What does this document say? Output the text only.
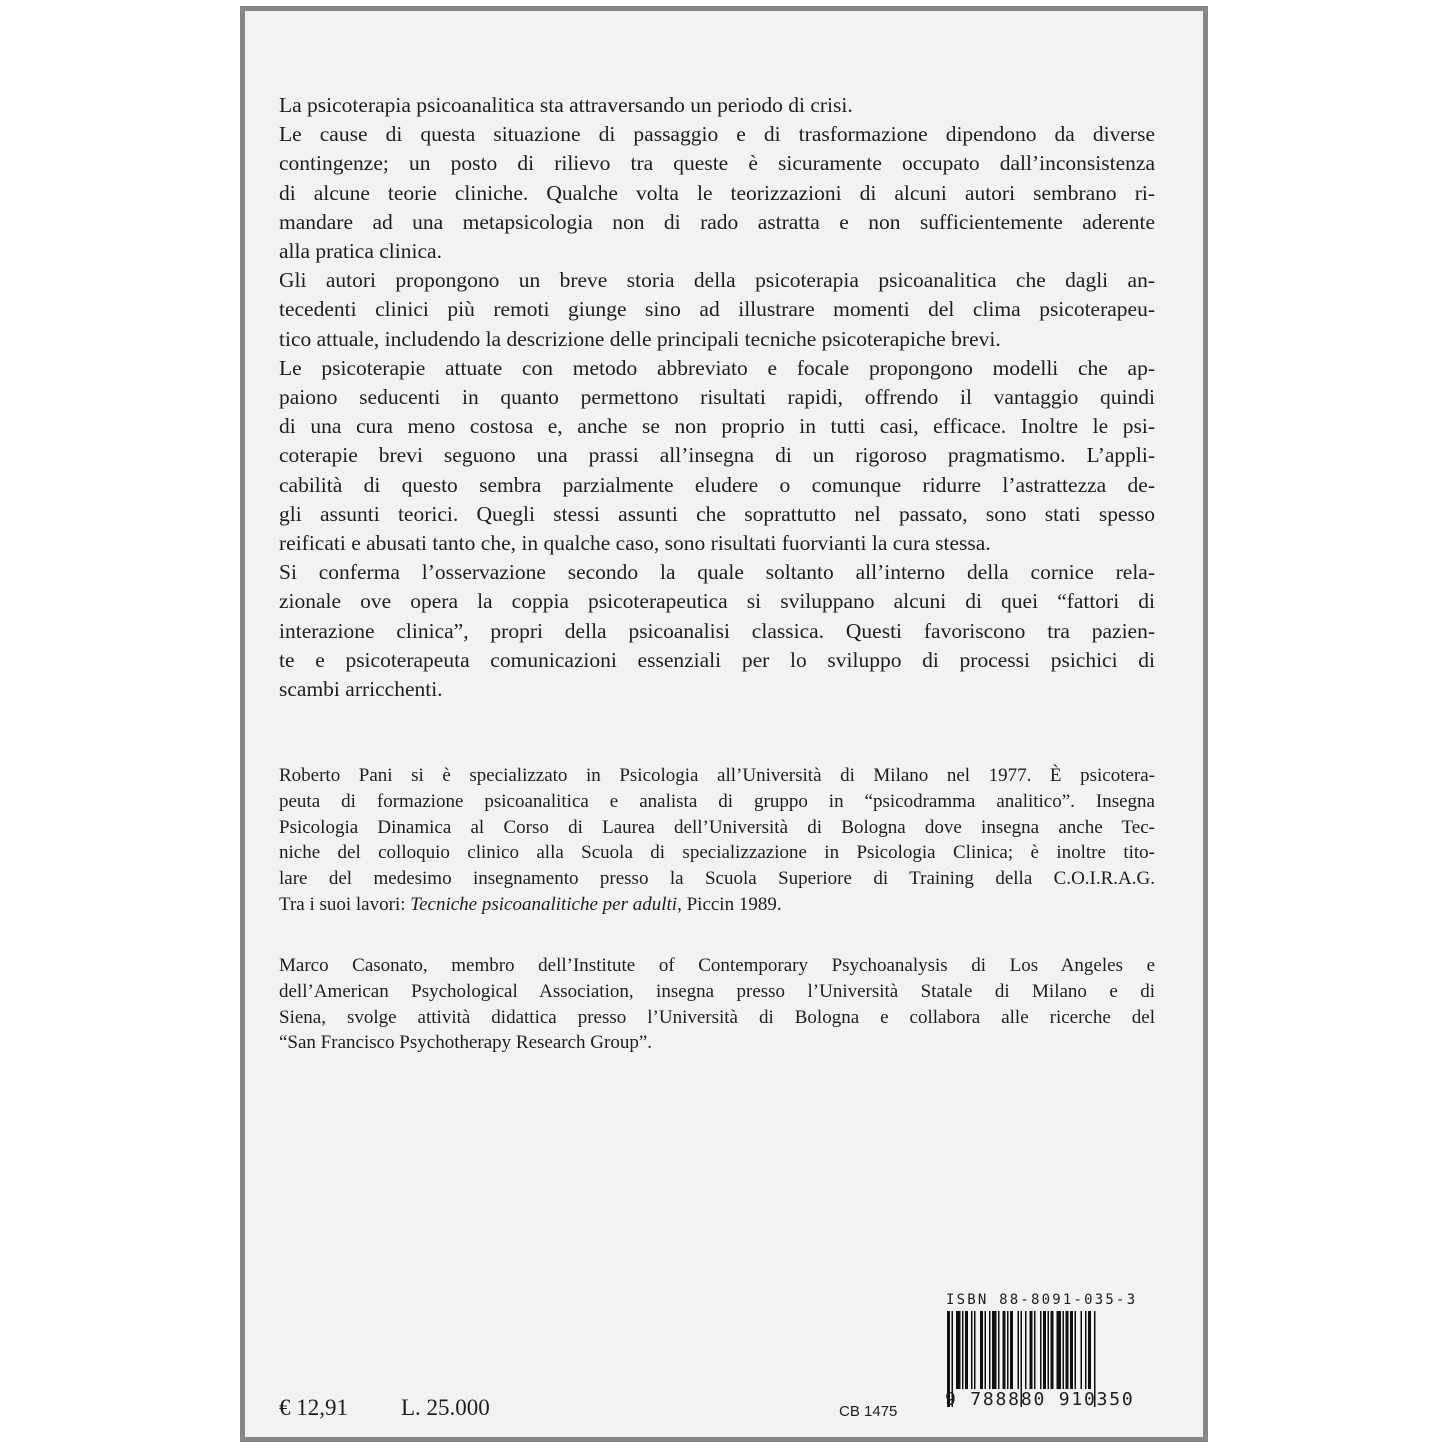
La psicoterapia psicoanalitica sta attraversando un periodo di crisi.
Le cause di questa situazione di passaggio e di trasformazione dipendono da diverse
contingenze; un posto di rilievo tra queste è sicuramente occupato dall’inconsistenza
di alcune teorie cliniche. Qualche volta le teorizzazioni di alcuni autori sembrano ri-
mandare ad una metapsicologia non di rado astratta e non sufficientemente aderente
alla pratica clinica.
Gli autori propongono un breve storia della psicoterapia psicoanalitica che dagli an-
tecedenti clinici più remoti giunge sino ad illustrare momenti del clima psicoterapeu-
tico attuale, includendo la descrizione delle principali tecniche psicoterapiche brevi.
Le psicoterapie attuate con metodo abbreviato e focale propongono modelli che ap-
paiono seducenti in quanto permettono risultati rapidi, offrendo il vantaggio quindi
di una cura meno costosa e, anche se non proprio in tutti casi, efficace. Inoltre le psi-
coterapie brevi seguono una prassi all’insegna di un rigoroso pragmatismo. L’appli-
cabilità di questo sembra parzialmente eludere o comunque ridurre l’astrattezza de-
gli assunti teorici. Quegli stessi assunti che soprattutto nel passato, sono stati spesso
reificati e abusati tanto che, in qualche caso, sono risultati fuorvianti la cura stessa.
Si conferma l’osservazione secondo la quale soltanto all’interno della cornice rela-
zionale ove opera la coppia psicoterapeutica si sviluppano alcuni di quei “fattori di
interazione clinica”, propri della psicoanalisi classica. Questi favoriscono tra pazien-
te e psicoterapeuta comunicazioni essenziali per lo sviluppo di processi psichici di
scambi arricchenti.
Roberto Pani si è specializzato in Psicologia all’Università di Milano nel 1977. È psicotera-
peuta di formazione psicoanalitica e analista di gruppo in “psicodramma analitico”. Insegna
Psicologia Dinamica al Corso di Laurea dell’Università di Bologna dove insegna anche Tec-
niche del colloquio clinico alla Scuola di specializzazione in Psicologia Clinica; è inoltre tito-
lare del medesimo insegnamento presso la Scuola Superiore di Training della C.O.I.R.A.G.
Tra i suoi lavori: Tecniche psicoanalitiche per adulti, Piccin 1989.
Marco Casonato, membro dell’Institute of Contemporary Psychoanalysis di Los Angeles e
dell’American Psychological Association, insegna presso l’Università Statale di Milano e di
Siena, svolge attività didattica presso l’Università di Bologna e collabora alle ricerche del
“San Francisco Psychotherapy Research Group”.
€ 12,91 L. 25.000	CB 1475
ISBN 88-8091-035-3
9 788880 910350
